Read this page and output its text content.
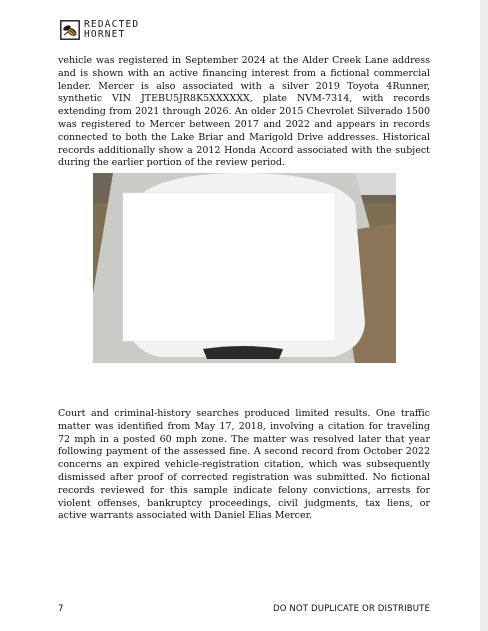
REDACTED
HORNET

vehicle was registered in September 2024 at the Alder Creek Lane address and is shown with an active financing interest from a fictional commercial lender. Mercer is also associated with a silver 2019 Toyota 4Runner, synthetic VIN JTEBU5JR8K5XXXXXX, plate NVM-7314, with records extending from 2021 through 2026. An older 2015 Chevrolet Silverado 1500 was registered to Mercer between 2017 and 2022 and appears in records connected to both the Lake Briar and Marigold Drive addresses. Historical records additionally show a 2012 Honda Accord associated with the subject during the earlier portion of the review period.

Court and criminal-history searches produced limited results. One traffic matter was identified from May 17, 2018, involving a citation for traveling 72 mph in a posted 60 mph zone. The matter was resolved later that year following payment of the assessed fine. A second record from October 2022 concerns an expired vehicle-registration citation, which was subsequently dismissed after proof of corrected registration was submitted. No fictional records reviewed for this sample indicate felony convictions, arrests for violent offenses, bankruptcy proceedings, civil judgments, tax liens, or active warrants associated with Daniel Elias Mercer.

7	DO NOT DUPLICATE OR DISTRIBUTE
